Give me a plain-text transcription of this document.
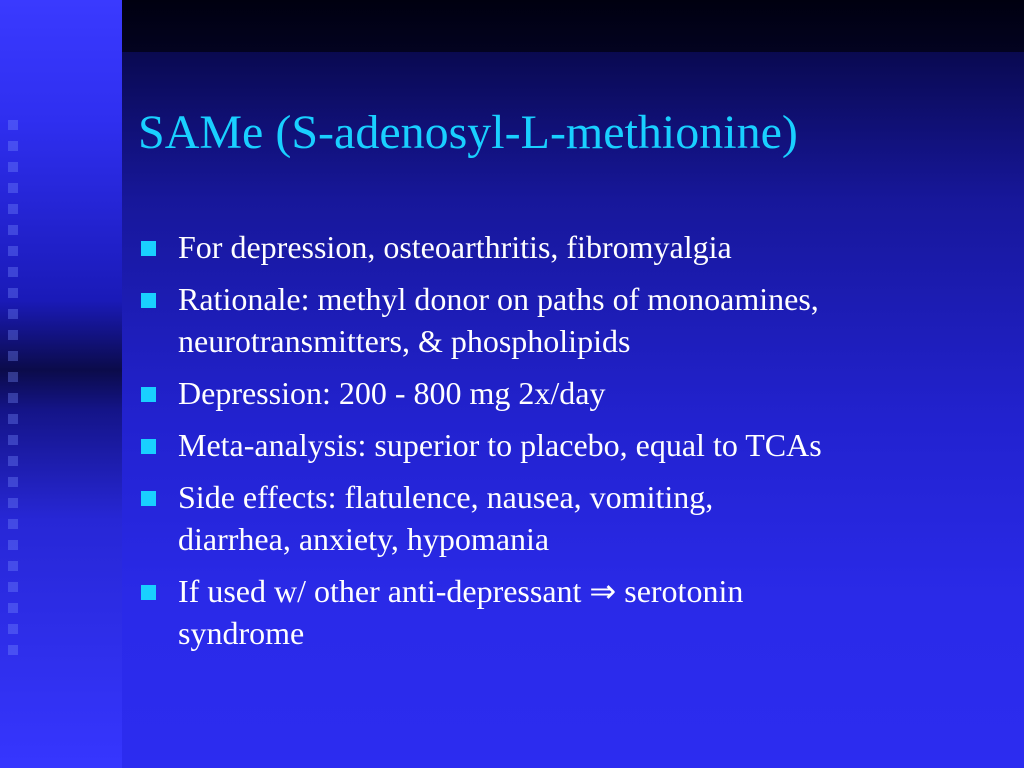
SAMe (S-adenosyl-L-methionine)
For depression, osteoarthritis, fibromyalgia
Rationale: methyl donor on paths of monoamines,
neurotransmitters, & phospholipids
Depression: 200 - 800 mg 2x/day
Meta-analysis: superior to placebo, equal to TCAs
Side effects: flatulence, nausea, vomiting,
diarrhea, anxiety, hypomania
If used w/ other anti-depressant ⇒ serotonin
syndrome
